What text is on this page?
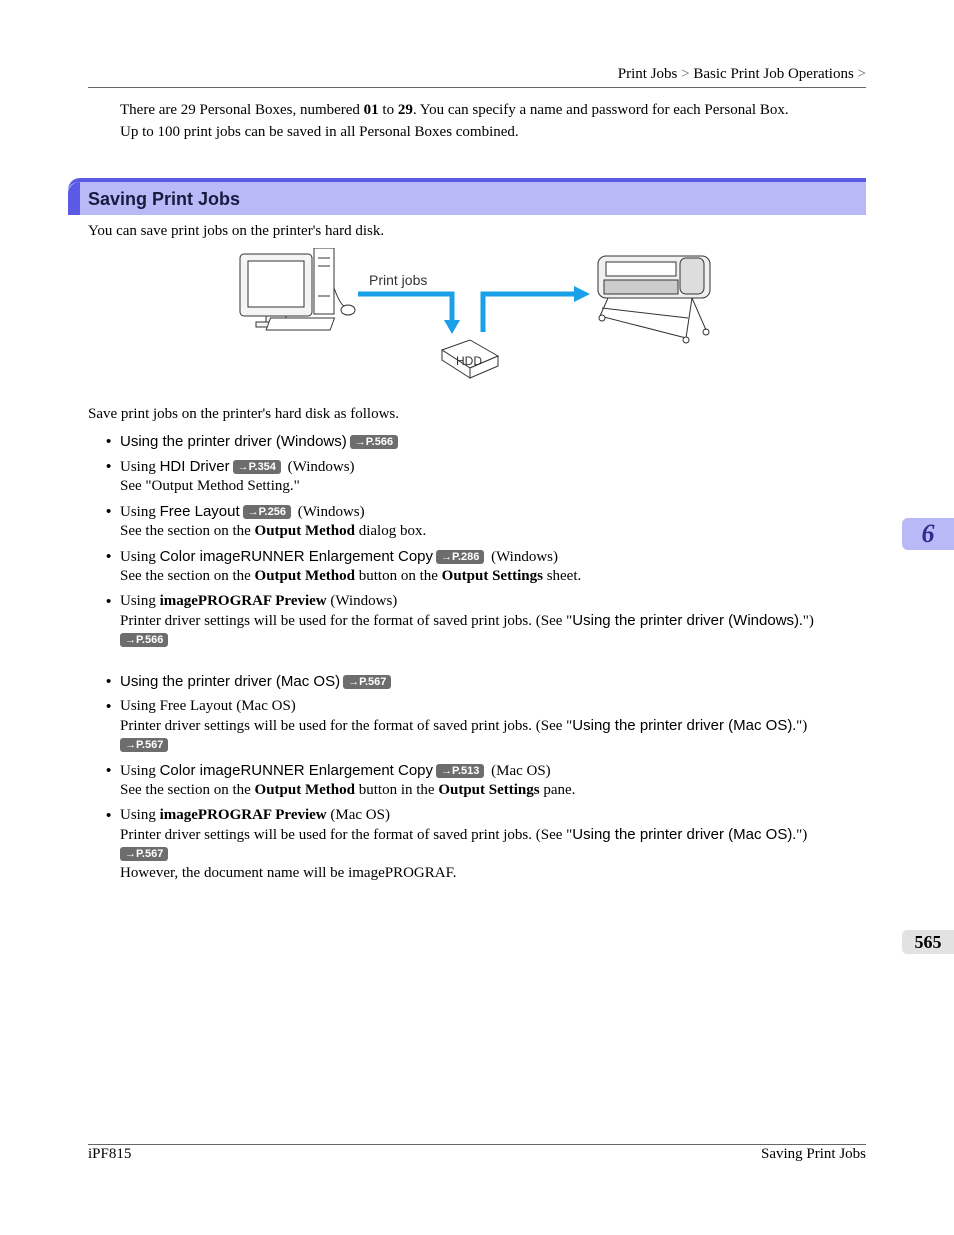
Print Jobs > Basic Print Job Operations >
There are 29 Personal Boxes, numbered 01 to 29. You can specify a name and password for each Personal Box.
Up to 100 print jobs can be saved in all Personal Boxes combined.
Saving Print Jobs
You can save print jobs on the printer's hard disk.
Print jobs
HDD
Save print jobs on the printer's hard disk as follows.
• Using the printer driver (Windows) →P.566
• Using HDI Driver →P.354 (Windows)
See "Output Method Setting."
• Using Free Layout →P.256 (Windows)
See the section on the Output Method dialog box.
• Using Color imageRUNNER Enlargement Copy →P.286 (Windows)
See the section on the Output Method button on the Output Settings sheet.
• Using imagePROGRAF Preview (Windows)
Printer driver settings will be used for the format of saved print jobs. (See "Using the printer driver (Windows).")
→P.566
• Using the printer driver (Mac OS) →P.567
• Using Free Layout (Mac OS)
Printer driver settings will be used for the format of saved print jobs. (See "Using the printer driver (Mac OS).")
→P.567
• Using Color imageRUNNER Enlargement Copy →P.513 (Mac OS)
See the section on the Output Method button in the Output Settings pane.
• Using imagePROGRAF Preview (Mac OS)
Printer driver settings will be used for the format of saved print jobs. (See "Using the printer driver (Mac OS).")
→P.567
However, the document name will be imagePROGRAF.
6
565
iPF815	Saving Print Jobs
